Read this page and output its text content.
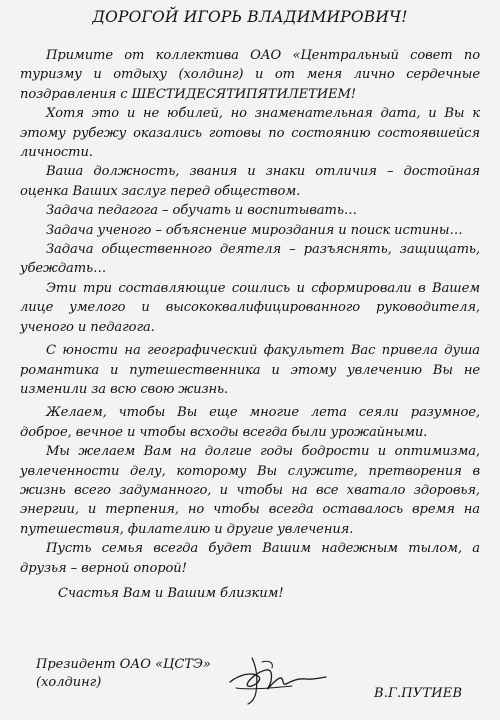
ДОРОГОЙ ИГОРЬ ВЛАДИМИРОВИЧ!

Примите от коллектива ОАО «Центральный совет по туризму и отдыху (холдинг) и от меня лично сердечные поздравления с ШЕСТИДЕСЯТИПЯТИЛЕТИЕМ!

Хотя это и не юбилей, но знаменательная дата, и Вы к этому рубежу оказались готовы по состоянию состоявшейся личности.

Ваша должность, звания и знаки отличия – достойная оценка Ваших заслуг перед обществом.

Задача педагога – обучать и воспитывать…

Задача ученого – объяснение мироздания и поиск истины…

Задача общественного деятеля – разъяснять, защищать, убеждать…

Эти три составляющие сошлись и сформировали в Вашем лице умелого и высококвалифицированного руководителя, ученого и педагога.

С юности на географический факультет Вас привела душа романтика и путешественника и этому увлечению Вы не изменили за всю свою жизнь.

Желаем, чтобы Вы еще многие лета сеяли разумное, доброе, вечное и чтобы всходы всегда были урожайными.

Мы желаем Вам на долгие годы бодрости и оптимизма, увлеченности делу, которому Вы служите, претворения в жизнь всего задуманного, и чтобы на все хватало здоровья, энергии, и терпения, но чтобы всегда оставалось время на путешествия, филателию и другие увлечения.

Пусть семья всегда будет Вашим надежным тылом, а друзья – верной опорой!

Счастья Вам и Вашим близким!

Президент ОАО «ЦСТЭ»
(холдинг)
В.Г.ПУТИЕВ
